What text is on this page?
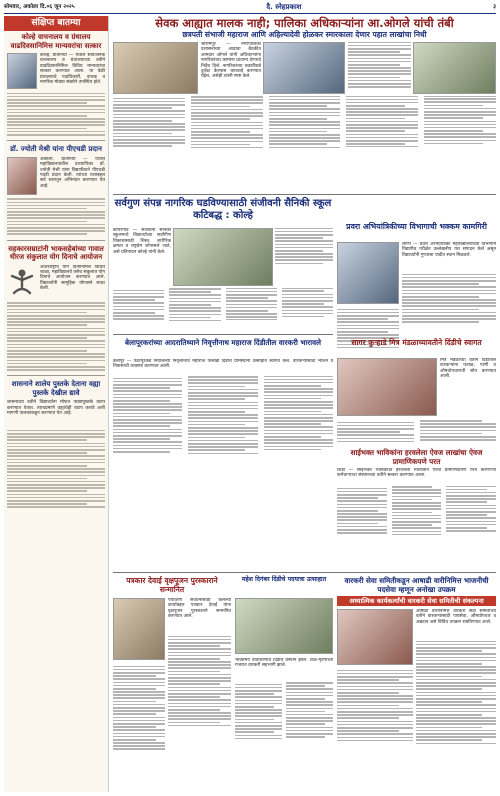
सोमवार, अकोला दि.०६ जून २०२५	दै. स्नेहप्रकाश	३
संक्षिप्त बातम्या
कोल्हे वाचनालय व ग्रंथालय वाढदिवसानिमित्त मान्यवरांचा सत्कार
कोल्हे, प्रतिनिधी — येथील सार्वजनिक वाचनालय व ग्रंथालयाच्या वतीने वाढदिवसानिमित्त विविध मान्यवरांचा सत्कार करण्यात आला. या वेळी ग्रंथालयाचे पदाधिकारी, वाचक व नागरिक मोठ्या संख्येने उपस्थित होते.
डॉ. ज्योती मेश्री यांना पीएचडी प्रदान
अकोला, प्रतिनिधी — येथील महाविद्यालयातील प्राध्यापिका डॉ. ज्योती मेश्री यांना विद्यापीठाने पीएचडी पदवी प्रदान केली. त्यांच्या यशाबद्दल सर्व स्तरातून अभिनंदन करण्यात येत आहे.
सहकारसम्राटांनी भाकसहेबांच्या गावात धीरज संकुलात योग दिनाचे आयोजन
आंतरराष्ट्रीय योग दिनानिमित्त विविध शाळा, महाविद्यालये तसेच संकुलात योग दिनाचे आयोजन करण्यात आले. विद्यार्थ्यांनी सामूहिक योगासने सादर केली.
शासनाने शालेय पुस्तके देताना वह्या पुस्तके देखील द्यावे
शासनाच्या वतीने विद्यार्थ्यांना मोफत पाठ्यपुस्तके वाटप करण्यात येतात. त्याचप्रमाणे वह्यांचेही वाटप करावे अशी मागणी पालकांकडून करण्यात येत आहे.
सेवक आह्यात मालक नाही; पालिका अधिकाऱ्यांना आ.ओगले यांची तंबी
छत्रपती संभाजी महाराज आणि अहिल्यादेवी होळकर स्मारकाला देणार पहात लाखांचा निधी
श्रीरामपूर — नगरपालिका प्रशासनाच्या आढावा बैठकीत आमदार ओगले यांनी अधिकाऱ्यांना नागरिकांच्या कामांना प्राधान्य देण्याचे निर्देश दिले. नागरिकांच्या तक्रारींकडे दुर्लक्ष केल्यास कारवाई करण्यात येईल, असेही त्यांनी स्पष्ट केले.
सर्वगुण संपन्न नागरिक घडविण्यासाठी संजीवनी सैनिकी स्कूल कटिबद्ध : कोल्हे
कोपरगाव — संजीवनी सैनिकी स्कूलमध्ये विद्यार्थ्यांच्या सर्वांगीण विकासासाठी शिस्त, शारीरिक क्षमता व राष्ट्रप्रेम जोपासले जाते, असे प्रतिपादन कोल्हे यांनी केले.
प्रवरा अभियांत्रिकीच्या विभागाची भक्कम कामगिरी
लोणी — प्रवरा अभियांत्रिकी महाविद्यालयाच्या विभागाने विद्यापीठ परीक्षेत उल्लेखनीय यश संपादन केले असून विद्यार्थ्यांनी गुणवत्ता यादीत स्थान मिळवले.
बेलापूरकरांच्या आदरातिथ्याने निवृत्तीनाथ महाराज दिंडीतील वारकरी भारावले
बेलापूर — पंढरपूरकडे निघालेल्या निवृत्तीनाथ महाराज पालखी दिंडीचे ग्रामस्थांनी उत्साहात स्वागत केले. वारकऱ्यांसाठी भोजन व निवासाची व्यवस्था करण्यात आली.
सागर कुऱ्हाडे मित्र मंडळाच्यावतीने दिंडीचे स्वागत
मित्र मंडळाच्या वतीने दिंडीतील वारकऱ्यांना फराळ, पाणी व औषधोपचाराची सोय करण्यात आली.
साईभक्त भाविकांना हरवलेला ऐवज लाखांचा ऐवज प्रामाणिकपणे परत
शिर्डी — साईभक्त भाविकांचा हरवलेला मौल्यवान ऐवज प्रामाणिकपणे परत करणाऱ्या कर्मचाऱ्याचा संस्थानच्या वतीने सत्कार करण्यात आला.
पत्रकार देवाई वृक्षपूजन पुरस्काराने सन्मानित
पर्यावरण संवर्धनासाठी केलेल्या कार्याबद्दल पत्रकार देवाई यांना वृक्षपूजन पुरस्काराने सन्मानित करण्यात आले.
महेश दिगंबर दिंडीचे पदयात्रा उत्साहात
भक्तिमय वातावरणात दिंडीचे प्रस्थान झाले. टाळ-मृदंगाच्या गजरात वारकरी सहभागी झाले.
वारकरी सेवा समितीकडून आषाढी वारीनिमित्त भाजनीची पदसेवा म्हणून अनोखा उपक्रम
अध्यात्मिक कार्यकर्त्यांची वारकरी सेवा समितीची संकल्पना
आषाढी वारीनिमित्त वारकरी सेवा समितीच्या वतीने वारकऱ्यांसाठी पायसेवा, औषधोपचार व अन्नदान असे विविध उपक्रम राबविण्यात आले.
